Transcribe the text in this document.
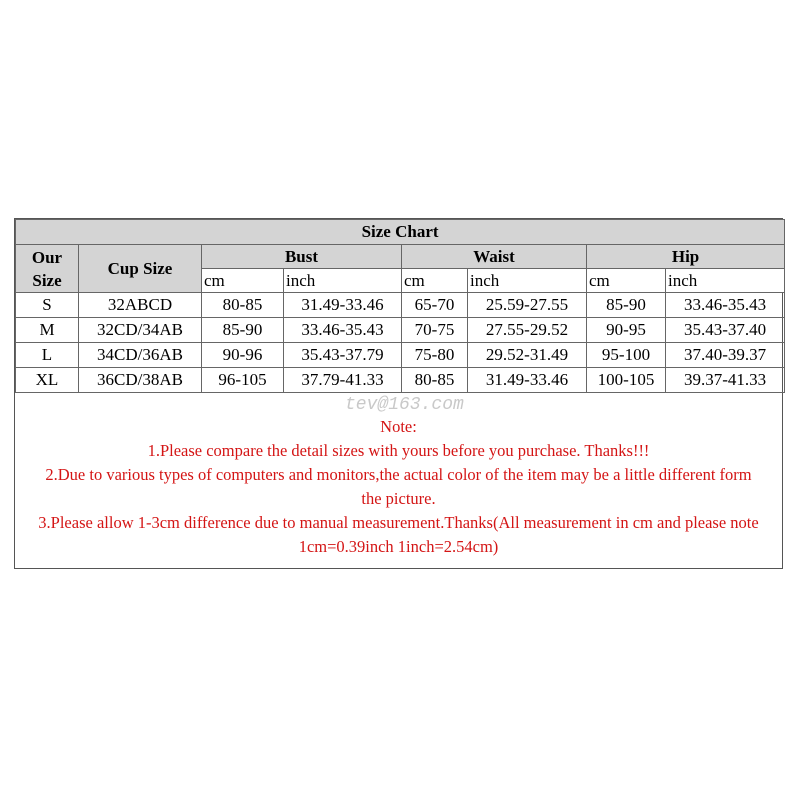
Size Chart							

Our
Size	Cup Size	Bust		Waist		Hip	
		cm	inch	cm	inch	cm	inch
S	32ABCD	80-85	31.49-33.46	65-70	25.59-27.55	85-90	33.46-35.43
M	32CD/34AB	85-90	33.46-35.43	70-75	27.55-29.52	90-95	35.43-37.40
L	34CD/36AB	90-96	35.43-37.79	75-80	29.52-31.49	95-100	37.40-39.37
XL	36CD/38AB	96-105	37.79-41.33	80-85	31.49-33.46	100-105	39.37-41.33
tev@163.com
Note:
1.Please compare the detail sizes with yours before you purchase. Thanks!!!
2.Due to various types of computers and monitors,the actual color of the item may be a little different form the picture.
3.Please allow 1-3cm difference due to manual measurement.Thanks(All measurement in cm and please note 1cm=0.39inch 1inch=2.54cm)
